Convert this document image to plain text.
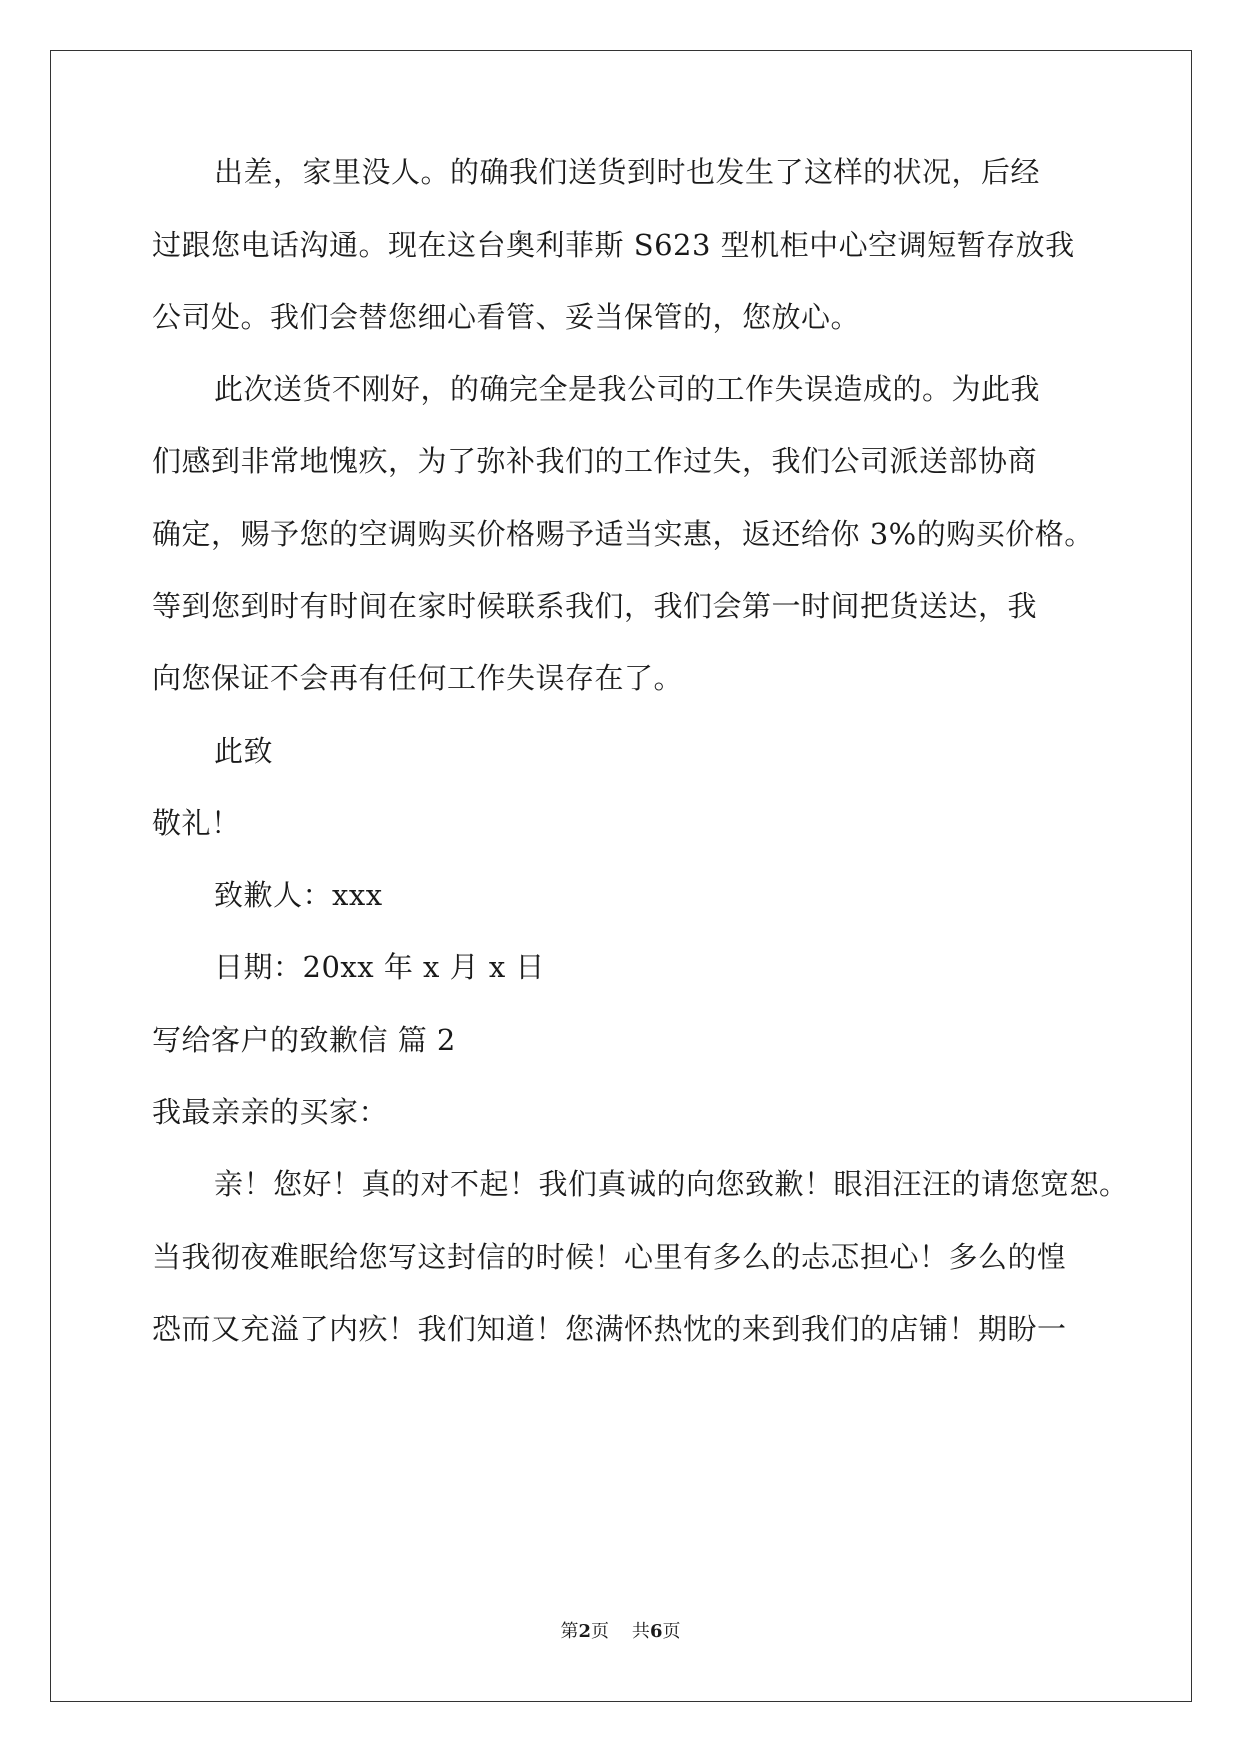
出差，家里没人。的确我们送货到时也发生了这样的状况，后经
过跟您电话沟通。现在这台奥利菲斯 S623 型机柜中心空调短暂存放我
公司处。我们会替您细心看管、妥当保管的，您放心。
此次送货不刚好，的确完全是我公司的工作失误造成的。为此我
们感到非常地愧疚，为了弥补我们的工作过失，我们公司派送部协商
确定，赐予您的空调购买价格赐予适当实惠，返还给你 3%的购买价格。
等到您到时有时间在家时候联系我们，我们会第一时间把货送达，我
向您保证不会再有任何工作失误存在了。
此致
敬礼！
致歉人：xxx
日期：20xx 年 x 月 x 日
写给客户的致歉信 篇 2
我最亲亲的买家：
亲！您好！真的对不起！我们真诚的向您致歉！眼泪汪汪的请您宽恕。
当我彻夜难眠给您写这封信的时候！心里有多么的忐忑担心！多么的惶
恐而又充溢了内疚！我们知道！您满怀热忱的来到我们的店铺！期盼一
第2页    共6页
